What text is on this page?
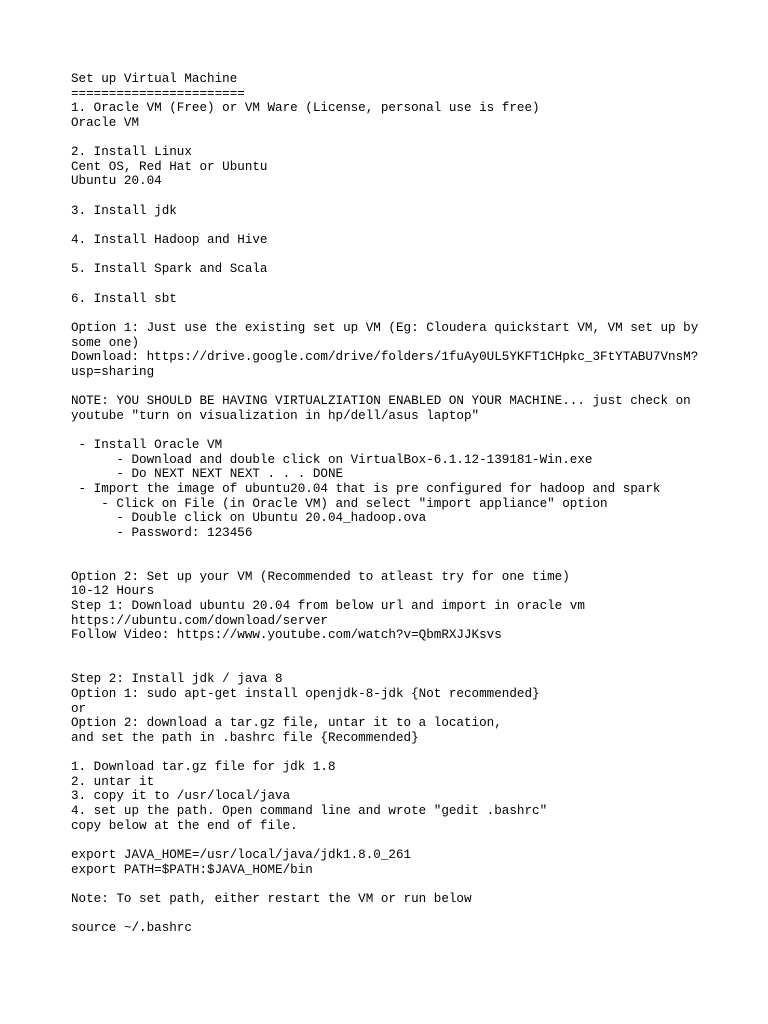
Set up Virtual Machine
=======================
1. Oracle VM (Free) or VM Ware (License, personal use is free)
Oracle VM
2. Install Linux
Cent OS, Red Hat or Ubuntu
Ubuntu 20.04
3. Install jdk
4. Install Hadoop and Hive
5. Install Spark and Scala
6. Install sbt
Option 1: Just use the existing set up VM (Eg: Cloudera quickstart VM, VM set up by
some one)
Download: https://drive.google.com/drive/folders/1fuAy0UL5YKFT1CHpkc_3FtYTABU7VnsM?
usp=sharing
NOTE: YOU SHOULD BE HAVING VIRTUALZIATION ENABLED ON YOUR MACHINE... just check on
youtube "turn on visualization in hp/dell/asus laptop"
- Install Oracle VM
- Download and double click on VirtualBox-6.1.12-139181-Win.exe
- Do NEXT NEXT NEXT . . . DONE
- Import the image of ubuntu20.04 that is pre configured for hadoop and spark
- Click on File (in Oracle VM) and select "import appliance" option
- Double click on Ubuntu 20.04_hadoop.ova
- Password: 123456
Option 2: Set up your VM (Recommended to atleast try for one time)
10-12 Hours
Step 1: Download ubuntu 20.04 from below url and import in oracle vm
https://ubuntu.com/download/server
Follow Video: https://www.youtube.com/watch?v=QbmRXJJKsvs
Step 2: Install jdk / java 8
Option 1: sudo apt-get install openjdk-8-jdk {Not recommended}
or
Option 2: download a tar.gz file, untar it to a location,
and set the path in .bashrc file {Recommended}
1. Download tar.gz file for jdk 1.8
2. untar it
3. copy it to /usr/local/java
4. set up the path. Open command line and wrote "gedit .bashrc"
copy below at the end of file.
export JAVA_HOME=/usr/local/java/jdk1.8.0_261
export PATH=$PATH:$JAVA_HOME/bin
Note: To set path, either restart the VM or run below
source ~/.bashrc
